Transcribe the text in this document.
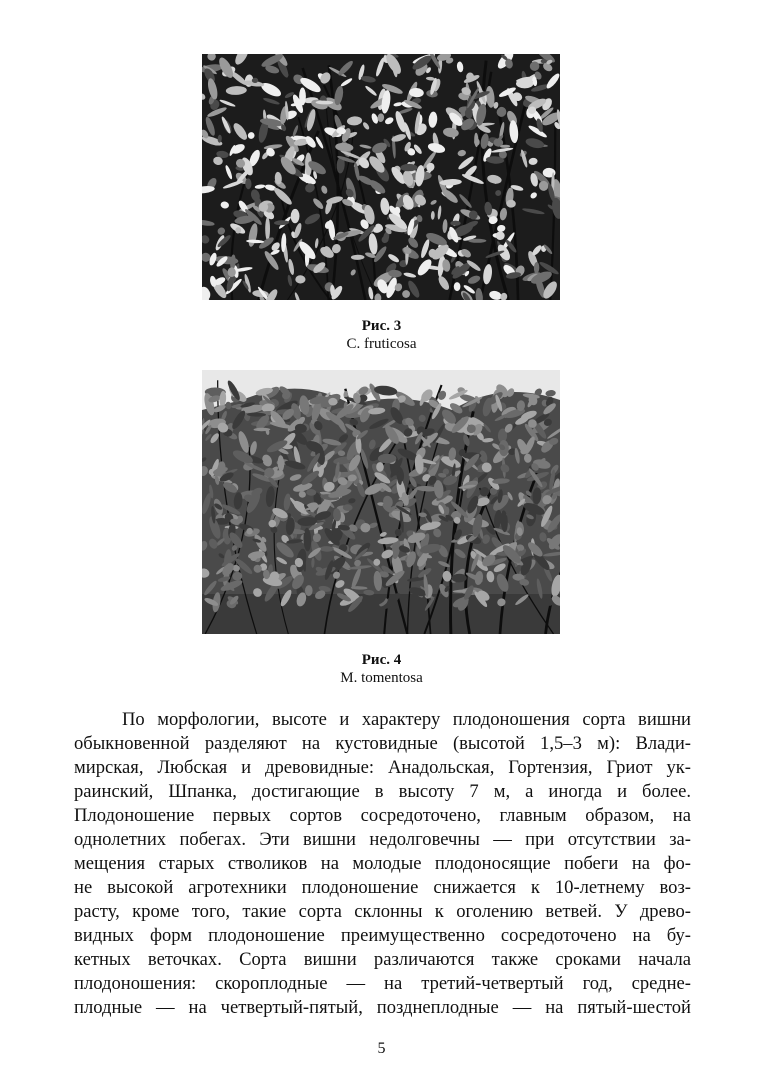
Рис. 3
C. fruticosa
Рис. 4
M. tomentosa
По морфологии, высоте и характеру плодоношения сорта вишни
обыкновенной разделяют на кустовидные (высотой 1,5–3 м): Влади-
мирская, Любская и древовидные: Анадольская, Гортензия, Гриот ук-
раинский, Шпанка, достигающие в высоту 7 м, а иногда и более.
Плодоношение первых сортов сосредоточено, главным образом, на
однолетних побегах. Эти вишни недолговечны — при отсутствии за-
мещения старых стволиков на молодые плодоносящие побеги на фо-
не высокой агротехники плодоношение снижается к 10-летнему воз-
расту, кроме того, такие сорта склонны к оголению ветвей. У древо-
видных форм плодоношение преимущественно сосредоточено на бу-
кетных веточках. Сорта вишни различаются также сроками начала
плодоношения: скороплодные — на третий-четвертый год, средне-
плодные — на четвертый-пятый, позднеплодные — на пятый-шестой
5
